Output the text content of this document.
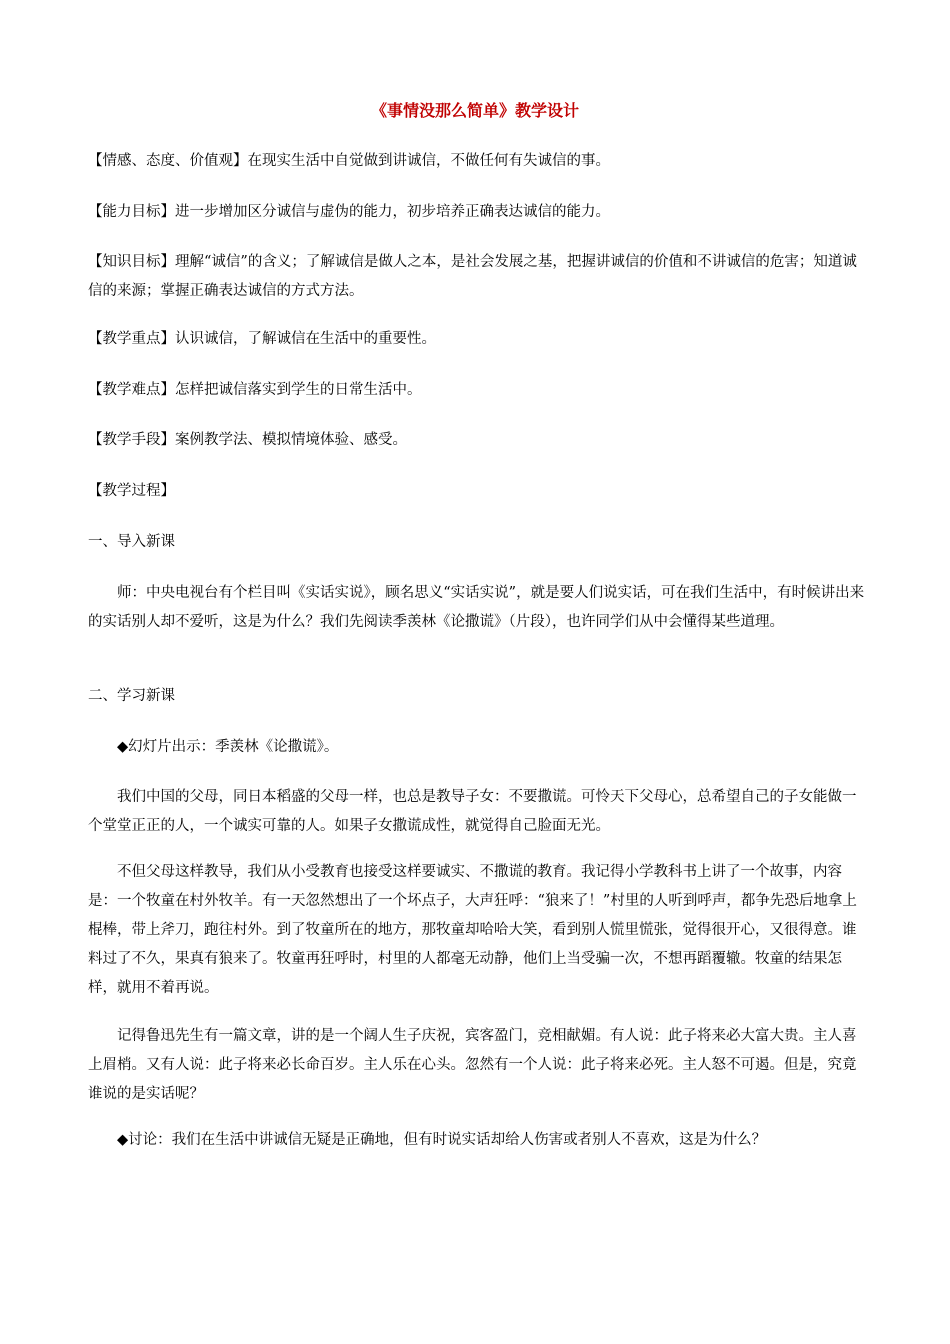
《事情没那么简单》教学设计

【情感、态度、价值观】在现实生活中自觉做到讲诚信，不做任何有失诚信的事。

【能力目标】进一步增加区分诚信与虚伪的能力，初步培养正确表达诚信的能力。

【知识目标】理解“诚信”的含义；了解诚信是做人之本，是社会发展之基，把握讲诚信的价值和不讲诚信的危害；知道诚信的来源；掌握正确表达诚信的方式方法。

【教学重点】认识诚信，了解诚信在生活中的重要性。

【教学难点】怎样把诚信落实到学生的日常生活中。

【教学手段】案例教学法、模拟情境体验、感受。

【教学过程】

一、导入新课

师：中央电视台有个栏目叫《实话实说》，顾名思义“实话实说”，就是要人们说实话，可在我们生活中，有时候讲出来的实话别人却不爱听，这是为什么？我们先阅读季羡林《论撒谎》（片段），也许同学们从中会懂得某些道理。

二、学习新课

◆幻灯片出示：季羡林《论撒谎》。

我们中国的父母，同日本稻盛的父母一样，也总是教导子女：不要撒谎。可怜天下父母心，总希望自己的子女能做一个堂堂正正的人，一个诚实可靠的人。如果子女撒谎成性，就觉得自己脸面无光。

不但父母这样教导，我们从小受教育也接受这样要诚实、不撒谎的教育。我记得小学教科书上讲了一个故事，内容是：一个牧童在村外牧羊。有一天忽然想出了一个坏点子，大声狂呼：“狼来了！”村里的人听到呼声，都争先恐后地拿上棍棒，带上斧刀，跑往村外。到了牧童所在的地方，那牧童却哈哈大笑，看到别人慌里慌张，觉得很开心，又很得意。谁料过了不久，果真有狼来了。牧童再狂呼时，村里的人都毫无动静，他们上当受骗一次，不想再蹈覆辙。牧童的结果怎样，就用不着再说。

记得鲁迅先生有一篇文章，讲的是一个阔人生子庆祝，宾客盈门，竞相献媚。有人说：此子将来必大富大贵。主人喜上眉梢。又有人说：此子将来必长命百岁。主人乐在心头。忽然有一个人说：此子将来必死。主人怒不可遏。但是，究竟谁说的是实话呢？

◆讨论：我们在生活中讲诚信无疑是正确地，但有时说实话却给人伤害或者别人不喜欢，这是为什么？
